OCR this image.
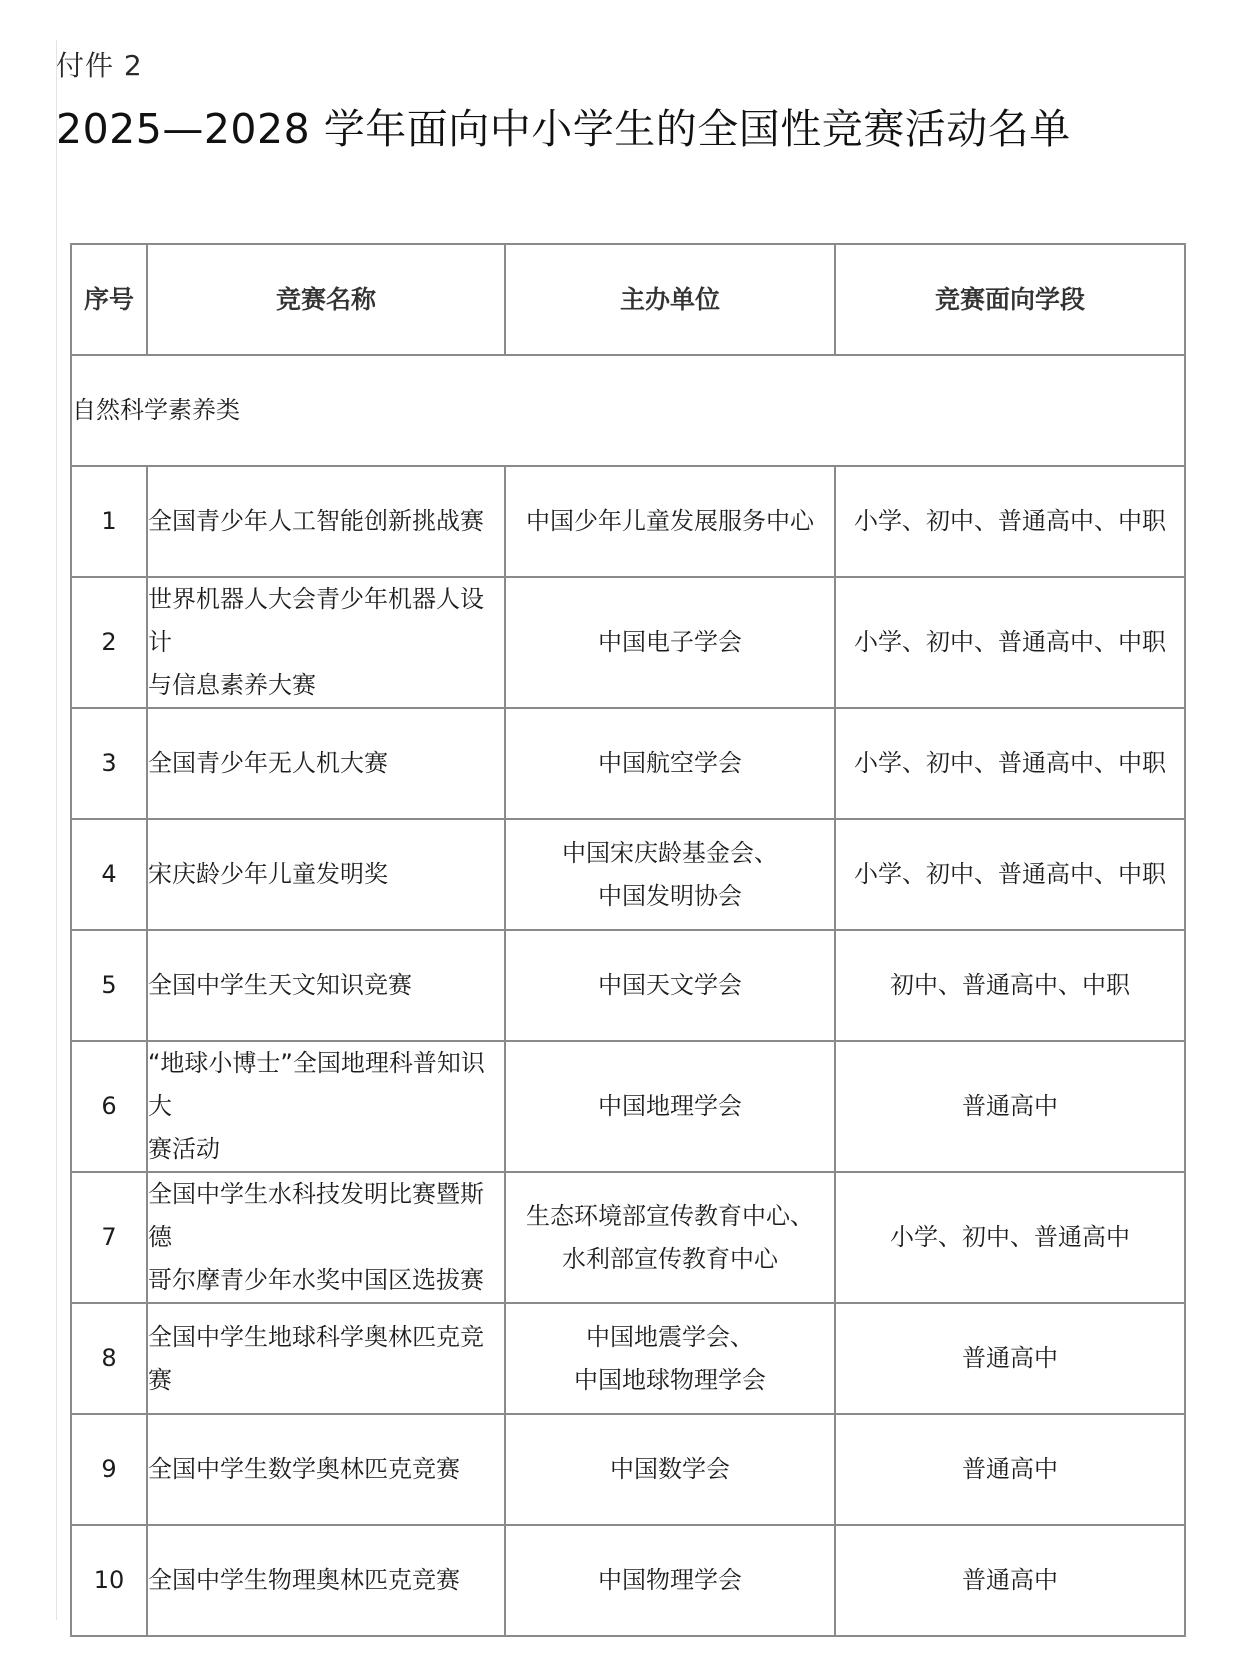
付件 2
2025—2028 学年面向中小学生的全国性竞赛活动名单
序号	竞赛名称	主办单位	竞赛面向学段
自然科学素养类			
1	全国青少年人工智能创新挑战赛	中国少年儿童发展服务中心	小学、初中、普通高中、中职
2	世界机器人大会青少年机器人设计
与信息素养大赛	中国电子学会	小学、初中、普通高中、中职
3	全国青少年无人机大赛	中国航空学会	小学、初中、普通高中、中职
4	宋庆龄少年儿童发明奖	中国宋庆龄基金会、
中国发明协会	小学、初中、普通高中、中职
5	全国中学生天文知识竞赛	中国天文学会	初中、普通高中、中职
6	“地球小博士”全国地理科普知识大
赛活动	中国地理学会	普通高中
7	全国中学生水科技发明比赛暨斯德
哥尔摩青少年水奖中国区选拔赛	生态环境部宣传教育中心、
水利部宣传教育中心	小学、初中、普通高中
8	全国中学生地球科学奥林匹克竞赛	中国地震学会、
中国地球物理学会	普通高中
9	全国中学生数学奥林匹克竞赛	中国数学会	普通高中
10	全国中学生物理奥林匹克竞赛	中国物理学会	普通高中
